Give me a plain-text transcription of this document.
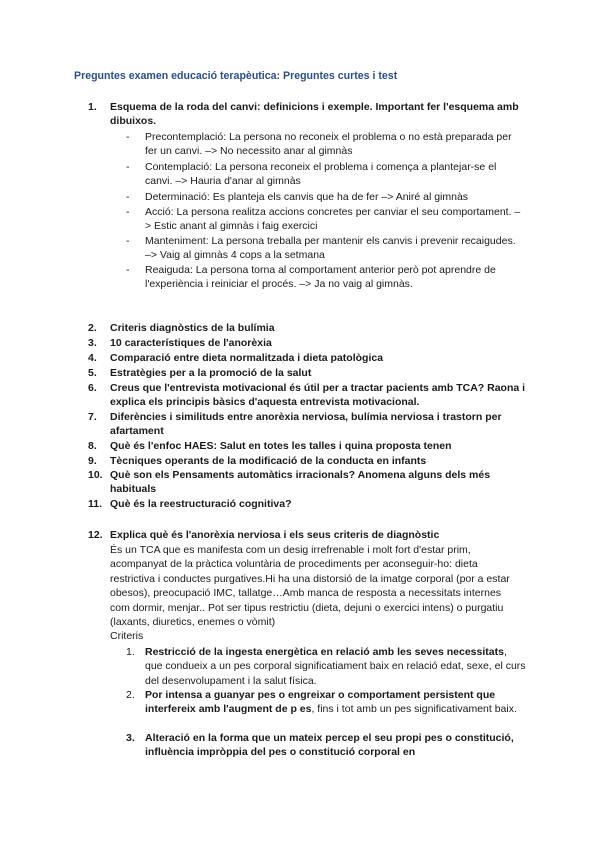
Preguntes examen educació terapèutica: Preguntes curtes i test
1.	Esquema de la roda del canvi: definicions i exemple. Important fer l'esquema amb dibuixos.
- Precontemplació: La persona no reconeix el problema o no està preparada per fer un canvi. –> No necessito anar al gimnàs
- Contemplació: La persona reconeix el problema i comença a plantejar-se el canvi. –> Hauria d'anar al gimnàs
- Determinació: Es planteja els canvis que ha de fer –> Aniré al gimnàs
- Acció: La persona realitza accions concretes per canviar el seu comportament. –> Estic anant al gimnàs i faig exercici
- Manteniment: La persona treballa per mantenir els canvis i prevenir recaigudes. –> Vaig al gimnàs 4 cops a la setmana
- Reaiguda: La persona torna al comportament anterior però pot aprendre de l'experiència i reiniciar el procés. –> Ja no vaig al gimnàs.
2.	Criteris diagnòstics de la bulímia
3.	10 característiques de l'anorèxia
4.	Comparació entre dieta normalitzada i dieta patològica
5.	Estratègies per a la promoció de la salut
6.	Creus que l'entrevista motivacional és útil per a tractar pacients amb TCA? Raona i explica els principis bàsics d'aquesta entrevista motivacional.
7.	Diferències i similituds entre anorèxia nerviosa, bulímia nerviosa i trastorn per afartament
8.	Què és l'enfoc HAES: Salut en totes les talles i quina proposta tenen
9.	Tècniques operants de la modificació de la conducta en infants
10. Què son els Pensaments automàtics irracionals? Anomena alguns dels més habituals
11. Què és la reestructuració cognitiva?
12. Explica què és l'anorèxia nerviosa i els seus criteris de diagnòstic
És un TCA que es manifesta com un desig irrefrenable i molt fort d'estar prim, acompanyat de la pràctica voluntària de procediments per aconseguir-ho: dieta restrictiva i conductes purgatives.Hi ha una distorsió de la imatge corporal (por a estar obesos), preocupació IMC, tallatge…Amb manca de resposta a necessitats internes com dormir, menjar.. Pot ser tipus restrictiu (dieta, dejuni o exercici intens) o purgatiu (laxants, diuretics, enemes o vòmit)
Criteris
1. Restricció de la ingesta energètica en relació amb les seves necessitats, que condueix a un pes corporal significatiament baix en relació edat, sexe, el curs del desenvolupament i la salut física.
2. Por intensa a guanyar pes o engreixar o comportament persistent que interfereix amb l'augment de p es, fins i tot amb un pes significativament baix.
3. Alteració en la forma que un mateix percep el seu propi pes o constitució, influència impròppia del pes o constitució corporal en
